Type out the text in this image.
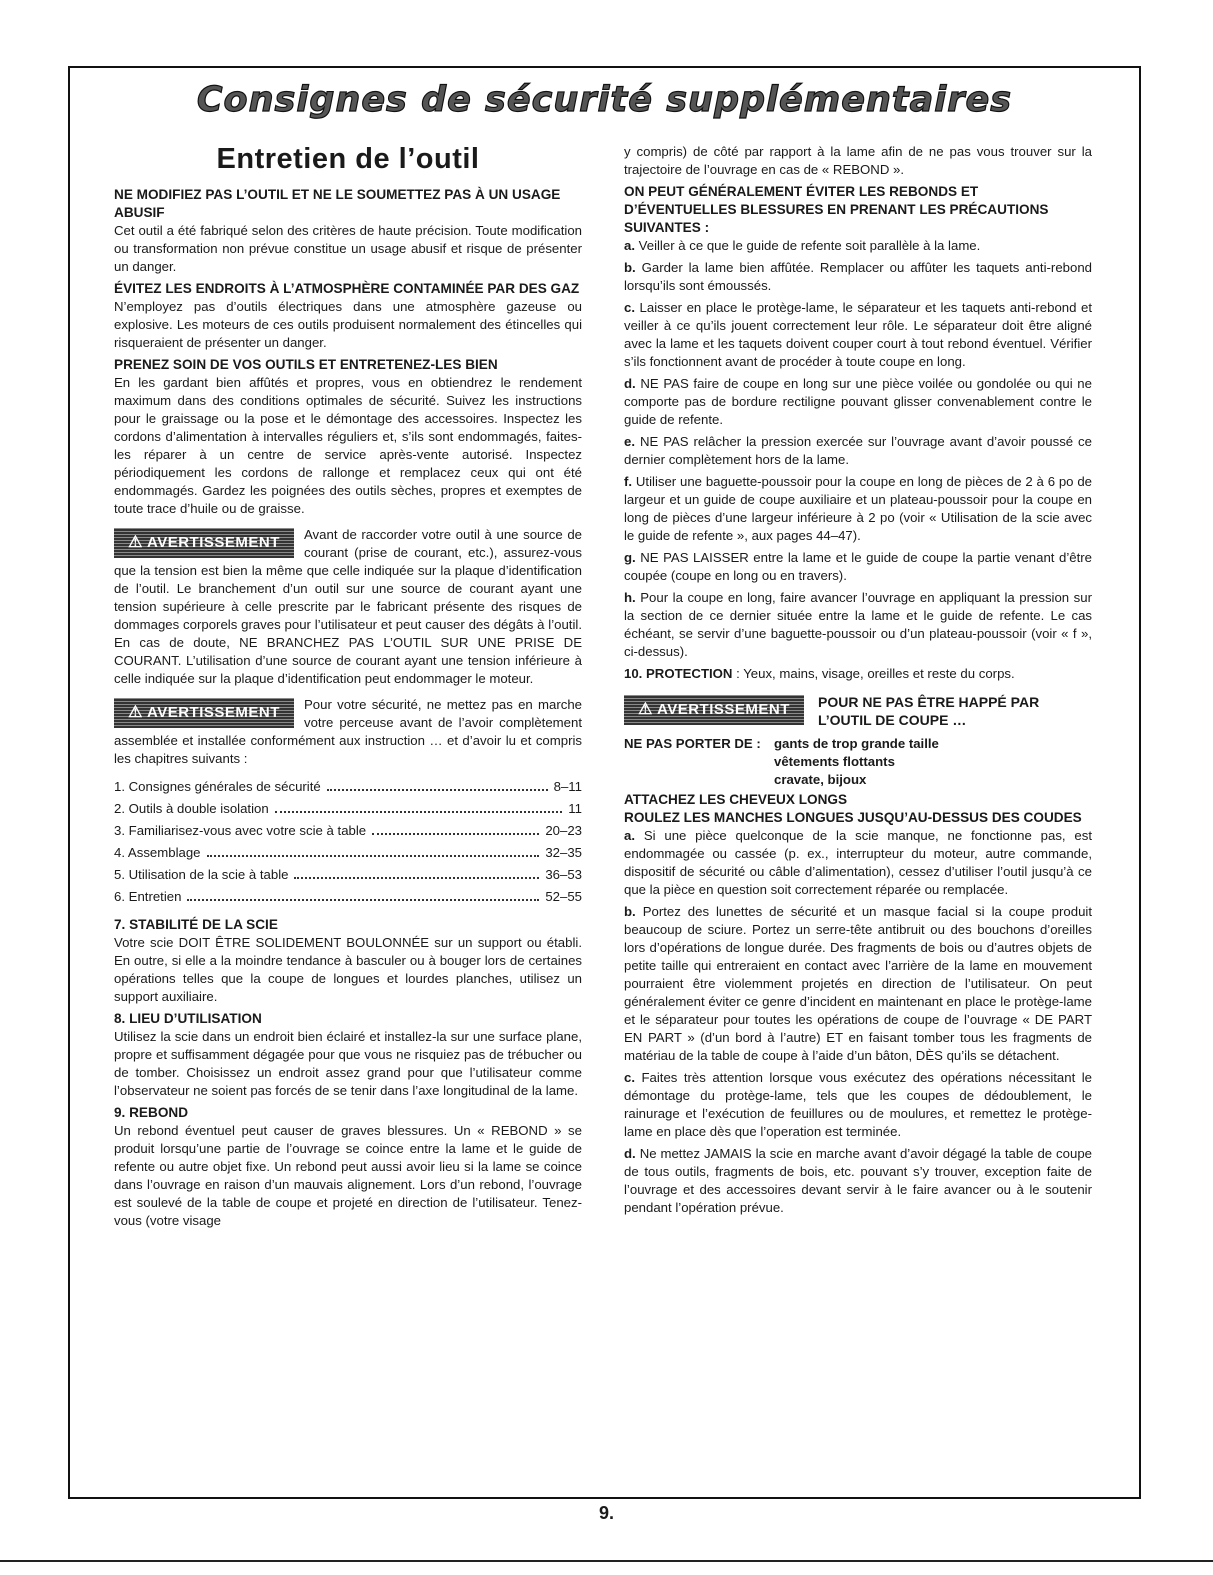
Consignes de sécurité supplémentaires
Entretien de l’outil
NE MODIFIEZ PAS L’OUTIL ET NE LE SOUMETTEZ PAS À UN USAGE ABUSIF
Cet outil a été fabriqué selon des critères de haute précision. Toute modification ou transformation non prévue constitue un usage abusif et risque de présenter un danger.
ÉVITEZ LES ENDROITS À L’ATMOSPHÈRE CONTAMINÉE PAR DES GAZ
N’employez pas d’outils électriques dans une atmosphère gazeuse ou explosive. Les moteurs de ces outils produisent normalement des étincelles qui risqueraient de présenter un danger.
PRENEZ SOIN DE VOS OUTILS ET ENTRETENEZ-LES BIEN
En les gardant bien affûtés et propres, vous en obtiendrez le rendement maximum dans des conditions optimales de sécurité. Suivez les instructions pour le graissage ou la pose et le démontage des accessoires. Inspectez les cordons d’alimentation à intervalles réguliers et, s’ils sont endommagés, faites-les réparer à un centre de service après-vente autorisé. Inspectez périodiquement les cordons de rallonge et remplacez ceux qui ont été endommagés. Gardez les poignées des outils sèches, propres et exemptes de toute trace d’huile ou de graisse.
⚠ AVERTISSEMENT	Avant de raccorder votre outil à une source de courant (prise de courant, etc.), assurez-vous que la tension est bien la même que celle indiquée sur la plaque d’identification de l’outil. Le branchement d’un outil sur une source de courant ayant une tension supérieure à celle prescrite par le fabricant présente des risques de dommages corporels graves pour l’utilisateur et peut causer des dégâts à l’outil. En cas de doute, NE BRANCHEZ PAS L’OUTIL SUR UNE PRISE DE COURANT. L’utilisation d’une source de courant ayant une tension inférieure à celle indiquée sur la plaque d’identification peut endommager le moteur.
⚠ AVERTISSEMENT	Pour votre sécurité, ne mettez pas en marche votre perceuse avant de l’avoir complètement assemblée et installée conformément aux instruction … et d’avoir lu et compris les chapitres suivants :
1. Consignes générales de sécurité	8–11
2. Outils à double isolation	11
3. Familiarisez-vous avec votre scie à table	20–23
4. Assemblage	32–35
5. Utilisation de la scie à table	36–53
6. Entretien	52–55
7. STABILITÉ DE LA SCIE
Votre scie DOIT ÊTRE SOLIDEMENT BOULONNÉE sur un support ou établi. En outre, si elle a la moindre tendance à basculer ou à bouger lors de certaines opérations telles que la coupe de longues et lourdes planches, utilisez un support auxiliaire.
8. LIEU D’UTILISATION
Utilisez la scie dans un endroit bien éclairé et installez-la sur une surface plane, propre et suffisamment dégagée pour que vous ne risquiez pas de trébucher ou de tomber. Choisissez un endroit assez grand pour que l’utilisateur comme l’observateur ne soient pas forcés de se tenir dans l’axe longitudinal de la lame.
9. REBOND
Un rebond éventuel peut causer de graves blessures. Un « REBOND » se produit lorsqu’une partie de l’ouvrage se coince entre la lame et le guide de refente ou autre objet fixe. Un rebond peut aussi avoir lieu si la lame se coince dans l’ouvrage en raison d’un mauvais alignement. Lors d’un rebond, l’ouvrage est soulevé de la table de coupe et projeté en direction de l’utilisateur. Tenez-vous (votre visage
y compris) de côté par rapport à la lame afin de ne pas vous trouver sur la trajectoire de l’ouvrage en cas de « REBOND ».
ON PEUT GÉNÉRALEMENT ÉVITER LES REBONDS ET D’ÉVENTUELLES BLESSURES EN PRENANT LES PRÉCAUTIONS SUIVANTES :
a. Veiller à ce que le guide de refente soit parallèle à la lame.
b. Garder la lame bien affûtée. Remplacer ou affûter les taquets anti-rebond lorsqu’ils sont émoussés.
c. Laisser en place le protège-lame, le séparateur et les taquets anti-rebond et veiller à ce qu’ils jouent correctement leur rôle. Le séparateur doit être aligné avec la lame et les taquets doivent couper court à tout rebond éventuel. Vérifier s’ils fonctionnent avant de procéder à toute coupe en long.
d. NE PAS faire de coupe en long sur une pièce voilée ou gondolée ou qui ne comporte pas de bordure rectiligne pouvant glisser convenablement contre le guide de refente.
e. NE PAS relâcher la pression exercée sur l’ouvrage avant d’avoir poussé ce dernier complètement hors de la lame.
f. Utiliser une baguette-poussoir pour la coupe en long de pièces de 2 à 6 po de largeur et un guide de coupe auxiliaire et un plateau-poussoir pour la coupe en long de pièces d’une largeur inférieure à 2 po (voir « Utilisation de la scie avec le guide de refente », aux pages 44–47).
g. NE PAS LAISSER entre la lame et le guide de coupe la partie venant d’être coupée (coupe en long ou en travers).
h. Pour la coupe en long, faire avancer l’ouvrage en appliquant la pression sur la section de ce dernier située entre la lame et le guide de refente. Le cas échéant, se servir d’une baguette-poussoir ou d’un plateau-poussoir (voir « f », ci-dessus).
10. PROTECTION : Yeux, mains, visage, oreilles et reste du corps.
⚠ AVERTISSEMENT	POUR NE PAS ÊTRE HAPPÉ PAR
L’OUTIL DE COUPE …
NE PAS PORTER DE :	gants de trop grande taille
vêtements flottants
cravate, bijoux
ATTACHEZ LES CHEVEUX LONGS
ROULEZ LES MANCHES LONGUES JUSQU’AU-DESSUS DES COUDES
a. Si une pièce quelconque de la scie manque, ne fonctionne pas, est endommagée ou cassée (p. ex., interrupteur du moteur, autre commande, dispositif de sécurité ou câble d’alimentation), cessez d’utiliser l’outil jusqu’à ce que la pièce en question soit correctement réparée ou remplacée.
b. Portez des lunettes de sécurité et un masque facial si la coupe produit beaucoup de sciure. Portez un serre-tête antibruit ou des bouchons d’oreilles lors d’opérations de longue durée. Des fragments de bois ou d’autres objets de petite taille qui entreraient en contact avec l’arrière de la lame en mouvement pourraient être violemment projetés en direction de l’utilisateur. On peut généralement éviter ce genre d’incident en maintenant en place le protège-lame et le séparateur pour toutes les opérations de coupe de l’ouvrage « DE PART EN PART » (d’un bord à l’autre) ET en faisant tomber tous les fragments de matériau de la table de coupe à l’aide d’un bâton, DÈS qu’ils se détachent.
c. Faites très attention lorsque vous exécutez des opérations nécessitant le démontage du protège-lame, tels que les coupes de dédoublement, le rainurage et l’exécution de feuillures ou de moulures, et remettez le protège-lame en place dès que l’operation est terminée.
d. Ne mettez JAMAIS la scie en marche avant d’avoir dégagé la table de coupe de tous outils, fragments de bois, etc. pouvant s’y trouver, exception faite de l’ouvrage et des accessoires devant servir à le faire avancer ou à le soutenir pendant l’opération prévue.
9.
